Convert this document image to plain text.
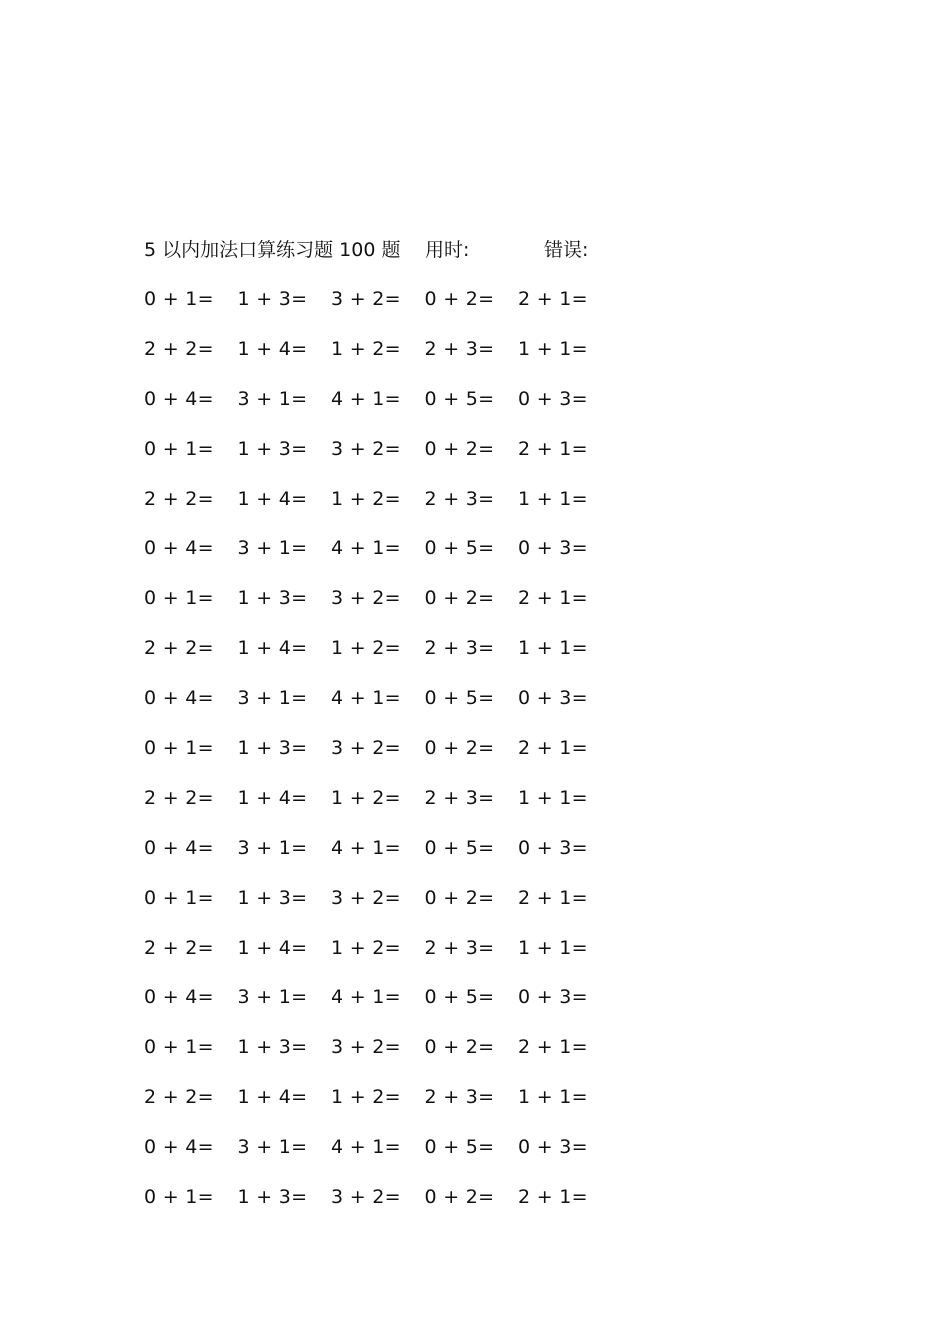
5 以内加法口算练习题 100 题 用时:	错误:
0 + 1=	1 + 3=	3 + 2=	0 + 2=	2 + 1=
2 + 2=	1 + 4=	1 + 2=	2 + 3=	1 + 1=
0 + 4=	3 + 1=	4 + 1=	0 + 5=	0 + 3=
0 + 1=	1 + 3=	3 + 2=	0 + 2=	2 + 1=
2 + 2=	1 + 4=	1 + 2=	2 + 3=	1 + 1=
0 + 4=	3 + 1=	4 + 1=	0 + 5=	0 + 3=
0 + 1=	1 + 3=	3 + 2=	0 + 2=	2 + 1=
2 + 2=	1 + 4=	1 + 2=	2 + 3=	1 + 1=
0 + 4=	3 + 1=	4 + 1=	0 + 5=	0 + 3=
0 + 1=	1 + 3=	3 + 2=	0 + 2=	2 + 1=
2 + 2=	1 + 4=	1 + 2=	2 + 3=	1 + 1=
0 + 4=	3 + 1=	4 + 1=	0 + 5=	0 + 3=
0 + 1=	1 + 3=	3 + 2=	0 + 2=	2 + 1=
2 + 2=	1 + 4=	1 + 2=	2 + 3=	1 + 1=
0 + 4=	3 + 1=	4 + 1=	0 + 5=	0 + 3=
0 + 1=	1 + 3=	3 + 2=	0 + 2=	2 + 1=
2 + 2=	1 + 4=	1 + 2=	2 + 3=	1 + 1=
0 + 4=	3 + 1=	4 + 1=	0 + 5=	0 + 3=
0 + 1=	1 + 3=	3 + 2=	0 + 2=	2 + 1=
